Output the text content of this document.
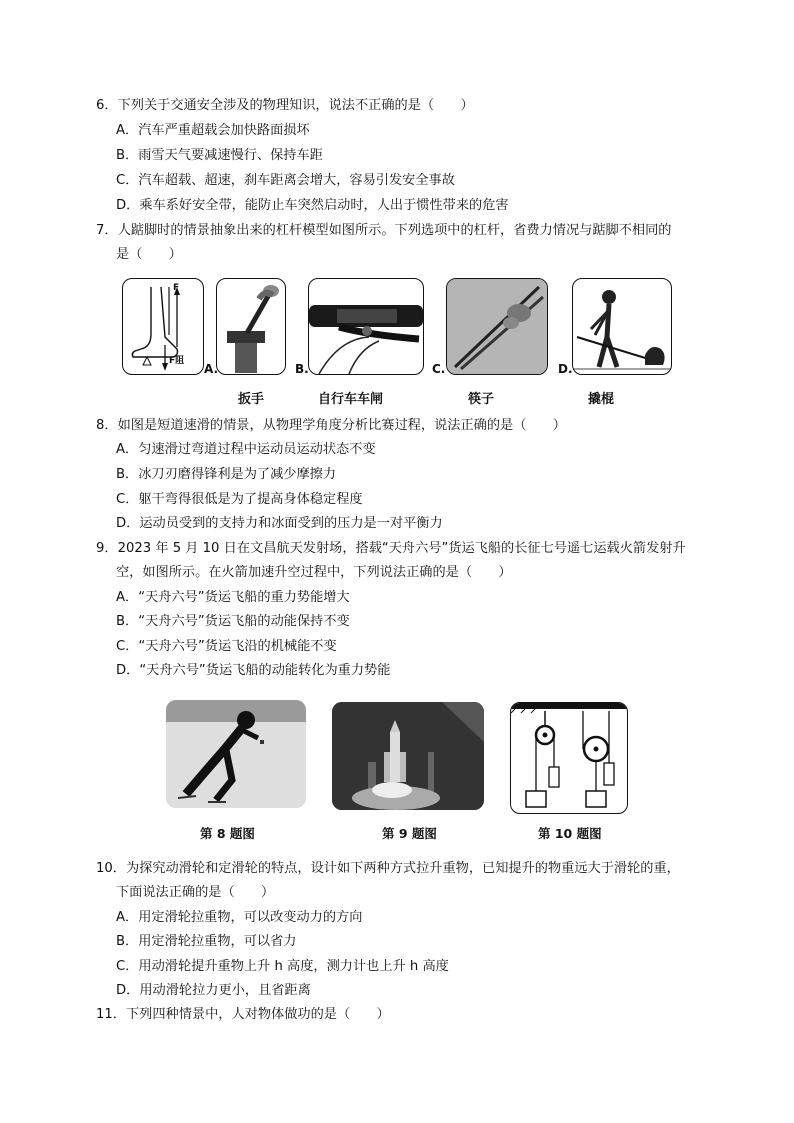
6．下列关于交通安全涉及的物理知识，说法不正确的是（　　）
A．汽车严重超载会加快路面损坏
B．雨雪天气要减速慢行、保持车距
C．汽车超载、超速，刹车距离会增大，容易引发安全事故
D．乘车系好安全带，能防止车突然启动时，人出于惯性带来的危害
7．人踮脚时的情景抽象出来的杠杆模型如图所示。下列选项中的杠杆，省费力情况与踮脚不相同的
是（　　）
F
F阻
A.	B.	C.	D.
扳手	自行车车闸	筷子	撬棍
8．如图是短道速滑的情景，从物理学角度分析比赛过程，说法正确的是（　　）
A．匀速滑过弯道过程中运动员运动状态不变
B．冰刀刃磨得锋利是为了减少摩擦力
C．躯干弯得很低是为了提高身体稳定程度
D．运动员受到的支持力和冰面受到的压力是一对平衡力
9．2023 年 5 月 10 日在文昌航天发射场，搭载“天舟六号”货运飞船的长征七号遥七运载火箭发射升
空，如图所示。在火箭加速升空过程中，下列说法正确的是（　　）
A．“天舟六号”货运飞船的重力势能增大
B．“天舟六号”货运飞船的动能保持不变
C．“天舟六号”货运飞沿的机械能不变
D．“天舟六号”货运飞船的动能转化为重力势能
第 8 题图	第 9 题图	第 10 题图
10．为探究动滑轮和定滑轮的特点，设计如下两种方式拉升重物，已知提升的物重远大于滑轮的重，
下面说法正确的是（　　）
A．用定滑轮拉重物，可以改变动力的方向
B．用定滑轮拉重物，可以省力
C．用动滑轮提升重物上升 h 高度，测力计也上升 h 高度
D．用动滑轮拉力更小，且省距离
11．下列四种情景中，人对物体做功的是（　　）
